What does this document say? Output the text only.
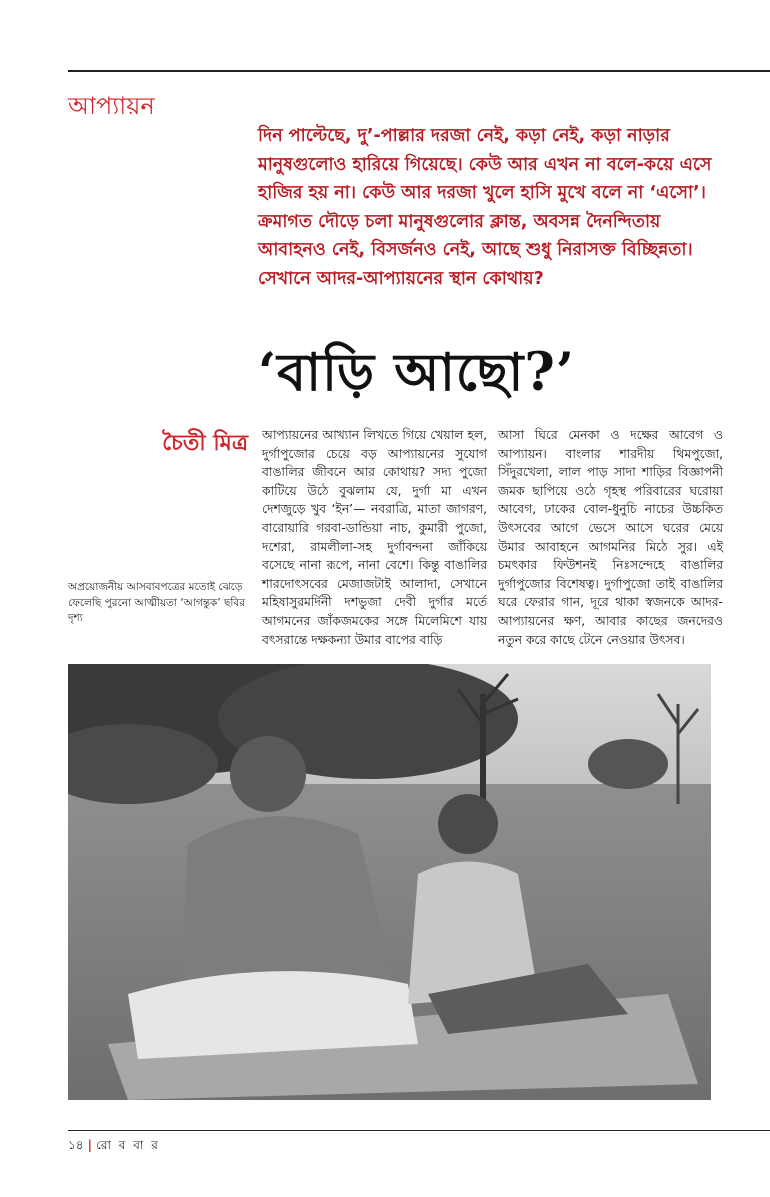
আপ্যায়ন
দিন পাল্টেছে, দু’-পাল্লার দরজা নেই, কড়া নেই, কড়া নাড়ার মানুষগুলোও হারিয়ে গিয়েছে। কেউ আর এখন না বলে-কয়ে এসে হাজির হয় না। কেউ আর দরজা খুলে হাসি মুখে বলে না ‘এসো’। ক্রমাগত দৌড়ে চলা মানুষগুলোর ক্লান্ত, অবসন্ন দৈনন্দিতায় আবাহনও নেই, বিসর্জনও নেই, আছে শুধু নিরাসক্ত বিচ্ছিন্নতা। সেখানে আদর-আপ্যায়নের স্থান কোথায়?
‘বাড়ি আছো?’
চৈতী মিত্র
অপ্রয়োজনীয় আসবাবপত্রের মতোই ঝেড়ে ফেলেছি পুরনো আত্মীয়তা ‘আগন্তুক’ ছবির দৃশ্য
আপ্যায়নের আখ্যান লিখতে গিয়ে খেয়াল হল, দুর্গাপুজোর চেয়ে বড় আপ্যায়নের সুযোগ বাঙালির জীবনে আর কোথায়? সদ্য পুজো কাটিয়ে উঠে বুঝলাম যে, দুর্গা মা এখন দেশজুড়ে খুব ‘ইন’— নবরাত্রি, মাতা জাগরণ, বারোয়ারি গরবা-ডান্ডিয়া নাচ, কুমারী পুজো, দশেরা, রামলীলা-সহ দুর্গাবন্দনা জাঁকিয়ে বসেছে নানা রূপে, নানা বেশে। কিন্তু বাঙালির শারদোৎসবের মেজাজটাই আলাদা, সেখানে মহিষাসুরমর্দিনী দশভুজা দেবী দুর্গার মর্তে আগমনের জাঁকজমকের সঙ্গে মিলেমিশে যায় বৎসরান্তে দক্ষকন্যা উমার বাপের বাড়ি
আসা ঘিরে মেনকা ও দক্ষের আবেগ ও আপ্যায়ন। বাংলার শারদীয় থিমপুজো, সিঁদুরখেলা, লাল পাড় সাদা শাড়ির বিজ্ঞাপনী জমক ছাপিয়ে ওঠে গৃহস্থ পরিবারের ঘরোয়া আবেগ, ঢাকের বোল-ধুনুচি নাচের উচ্চকিত উৎসবের আগে ভেসে আসে ঘরের মেয়ে উমার আবাহনে আগমনির মিঠে সুর। এই চমৎকার ফিউশনই নিঃসন্দেহে বাঙালির দুর্গাপুজোর বিশেষত্ব। দুর্গাপুজো তাই বাঙালির ঘরে ফেরার গান, দূরে থাকা স্বজনকে আদর-আপ্যায়নের ক্ষণ, আবার কাছের জনদেরও নতুন করে কাছে টেনে নেওয়ার উৎসব।
১৪ | রো ব বা র
